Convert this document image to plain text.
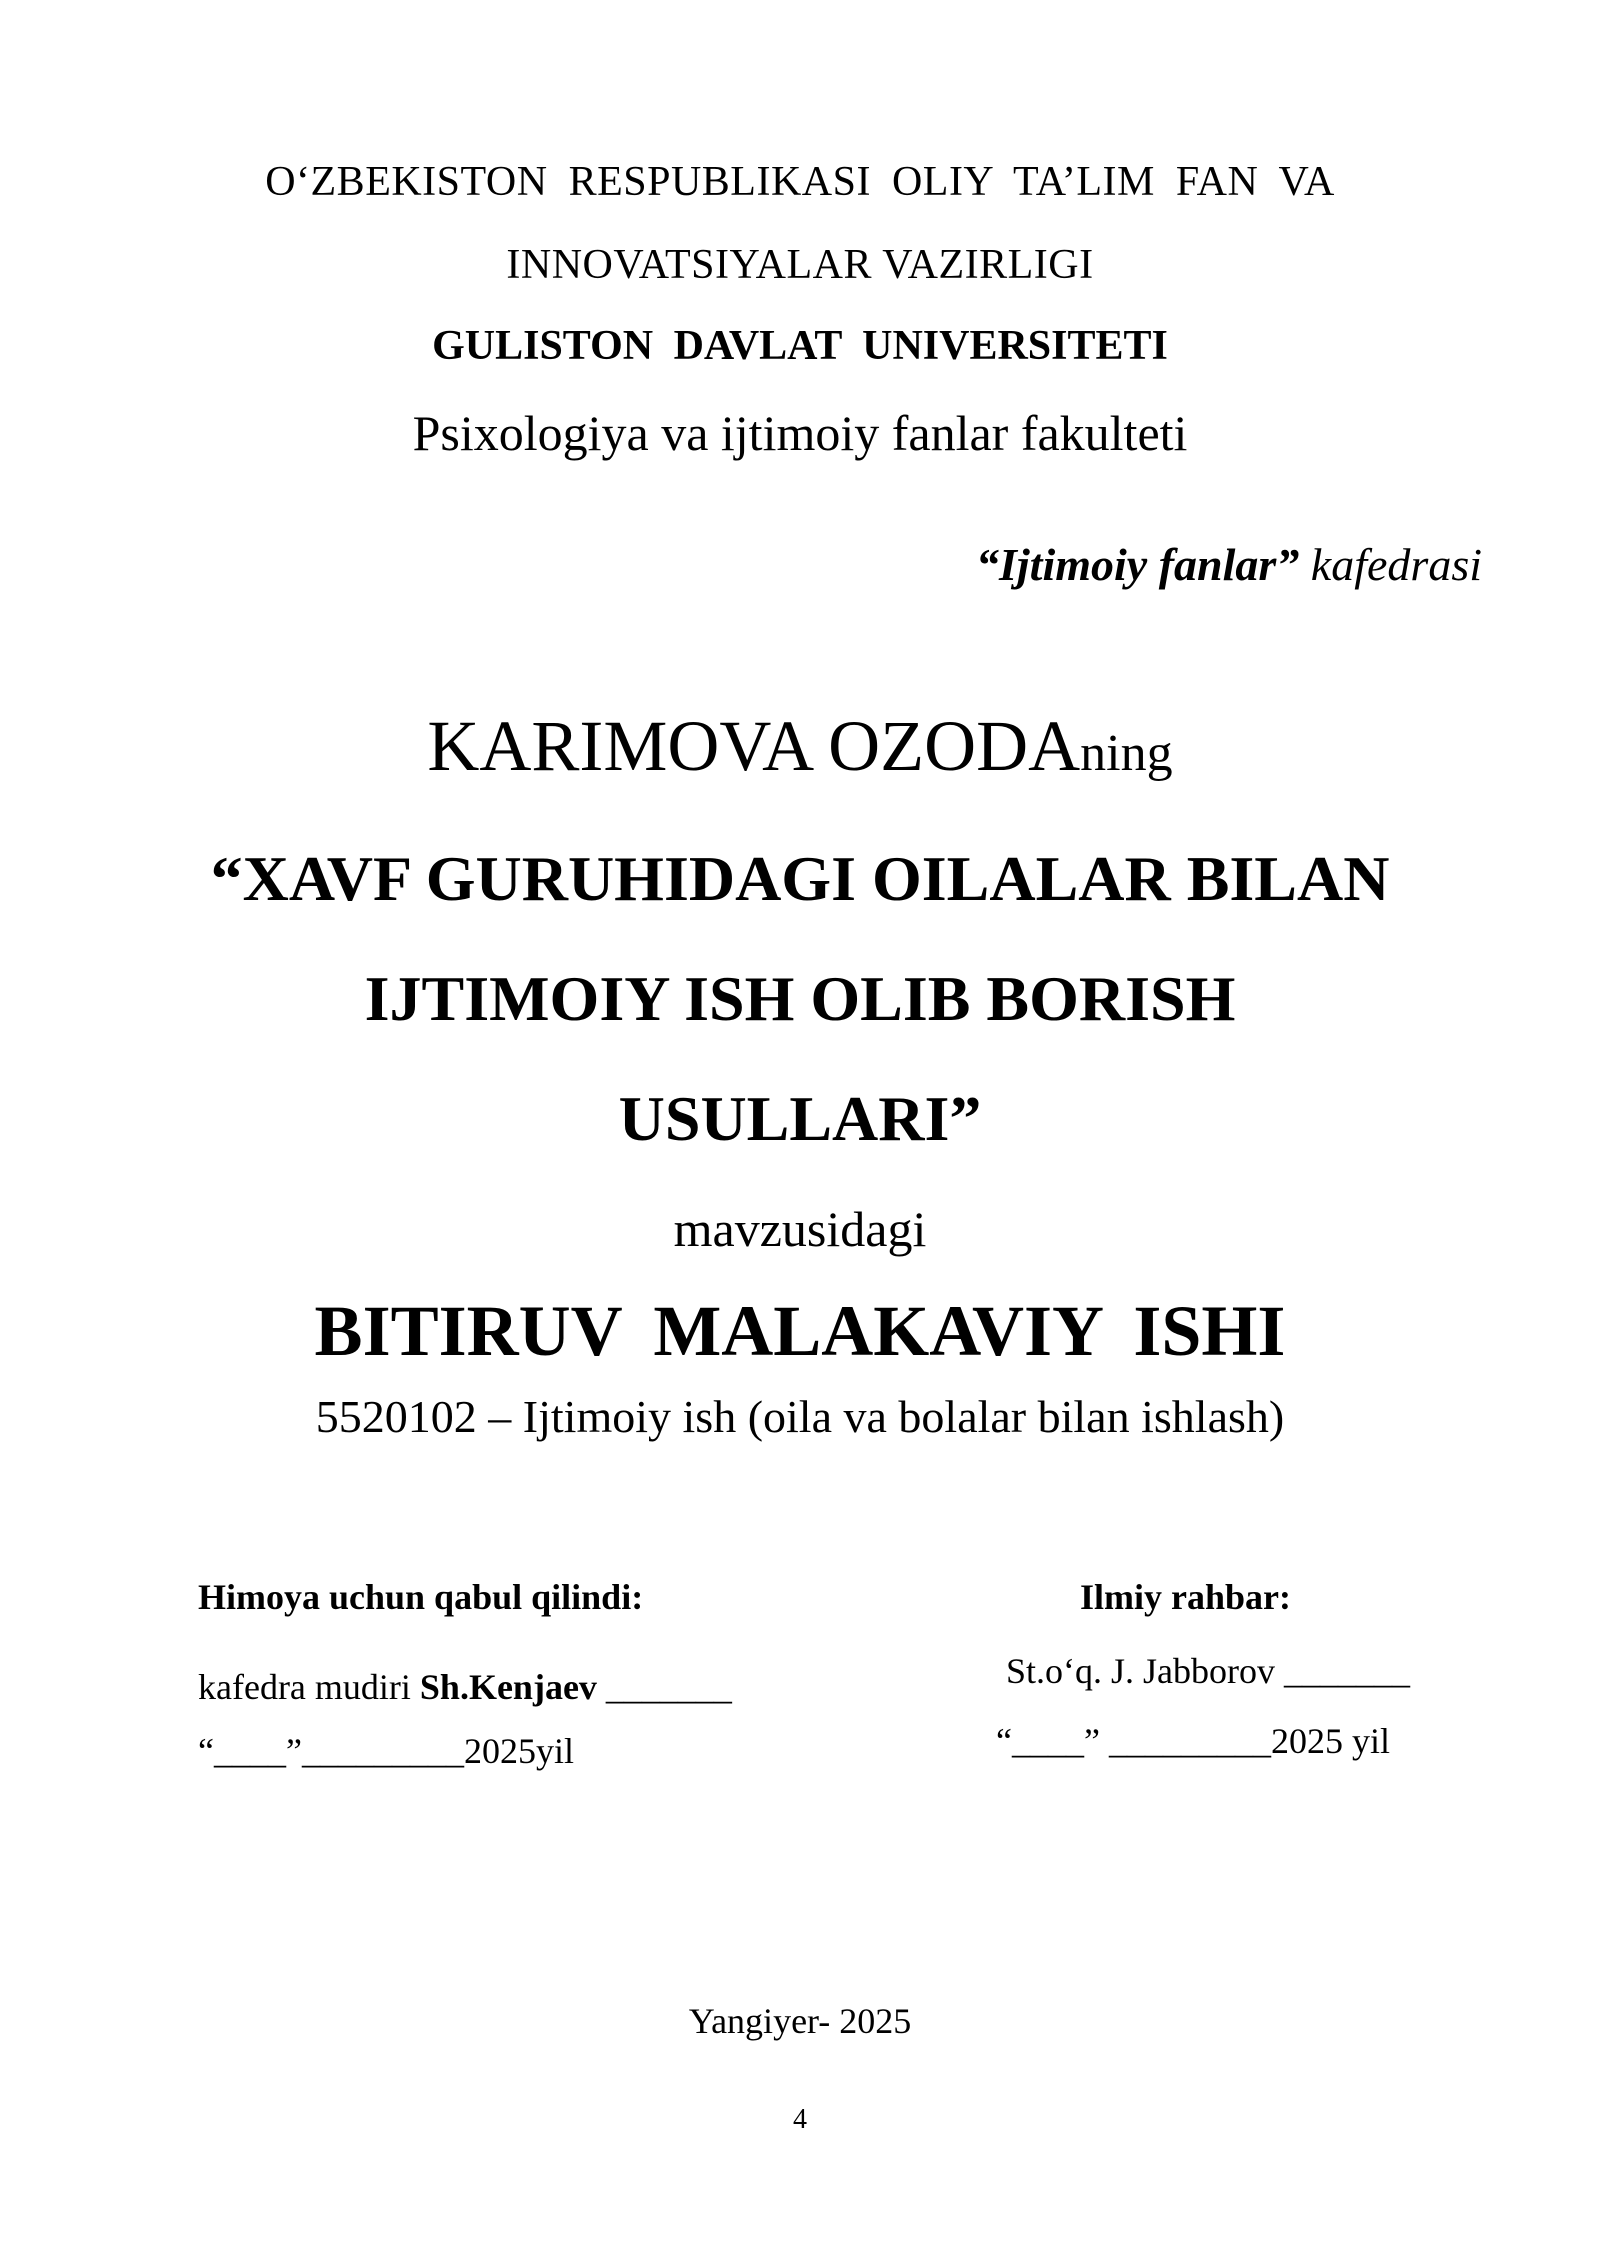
O‘ZBEKISTON RESPUBLIKASI OLIY TA’LIM FAN VA
INNOVATSIYALAR VAZIRLIGI
GULISTON DAVLAT UNIVERSITETI
Psixologiya va ijtimoiy fanlar fakulteti
“Ijtimoiy fanlar” kafedrasi
KARIMOVA OZODAning
“XAVF GURUHIDAGI OILALAR BILAN
IJTIMOIY ISH OLIB BORISH
USULLARI”
mavzusidagi
BITIRUV MALAKAVIY ISHI
5520102 – Ijtimoiy ish (oila va bolalar bilan ishlash)
Himoya uchun qabul qilindi:
kafedra mudiri Sh.Kenjaev _______
“____”_________2025yil
Ilmiy rahbar:
St.o‘q. J. Jabborov _______
“____” _________2025 yil
Yangiyer- 2025
4
